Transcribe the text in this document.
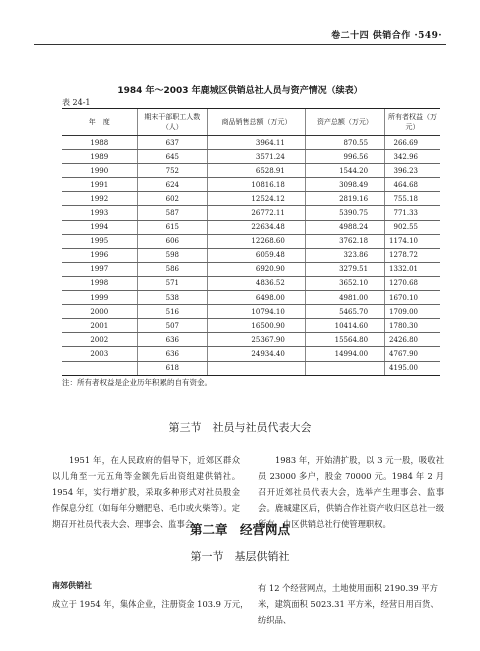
卷二十四 供销合作 ·549·
1984 年～2003 年鹿城区供销总社人员与资产情况（续表）
表 24-1
年　度	期末干部职工人数（人）	商品销售总额（万元）	资产总额（万元）	所有者权益（万元）
1988	637	3964.11	870.55	266.69
1989	645	3571.24	996.56	342.96
1990	752	6528.91	1544.20	396.23
1991	624	10816.18	3098.49	464.68
1992	602	12524.12	2819.16	755.18
1993	587	26772.11	5390.75	771.33
1994	615	22634.48	4988.24	902.55
1995	606	12268.60	3762.18	1174.10
1996	598	6059.48	323.86	1278.72
1997	586	6920.90	3279.51	1332.01
1998	571	4836.52	3652.10	1270.68
1999	538	6498.00	4981.00	1670.10
2000	516	10794.10	5465.70	1709.00
2001	507	16500.90	10414.60	1780.30
2002	636	25367.90	15564.80	2426.80
2003	636	24934.40	14994.00	4767.90
	618			4195.00
注：所有者权益是企业历年积累的自有资金。
第三节　社员与社员代表大会
1951 年，在人民政府的倡导下，近郊区群众以儿角至一元五角等金额先后出资组建供销社。1954 年，实行增扩股，采取多种形式对社员股金作保息分红（如每年分赠肥皂、毛巾或火柴等）。定期召开社员代表大会、理事会、监事会。
1983 年，开始清扩股，以 3 元一股，吸收社员 23000 多户，股金 70000 元。1984 年 2 月召开近郊社员代表大会，选举产生理事会、监事会。鹿城建区后，供销合作社资产收归区总社一级所有，由区供销总社行使管理职权。
第二章　经营网点
第一节　基层供销社
南郊供销社
成立于 1954 年，集体企业，注册资金 103.9 万元，
有 12 个经营网点，土地使用面积 2190.39 平方米，建筑面积 5023.31 平方米，经营日用百货、纺织品、
